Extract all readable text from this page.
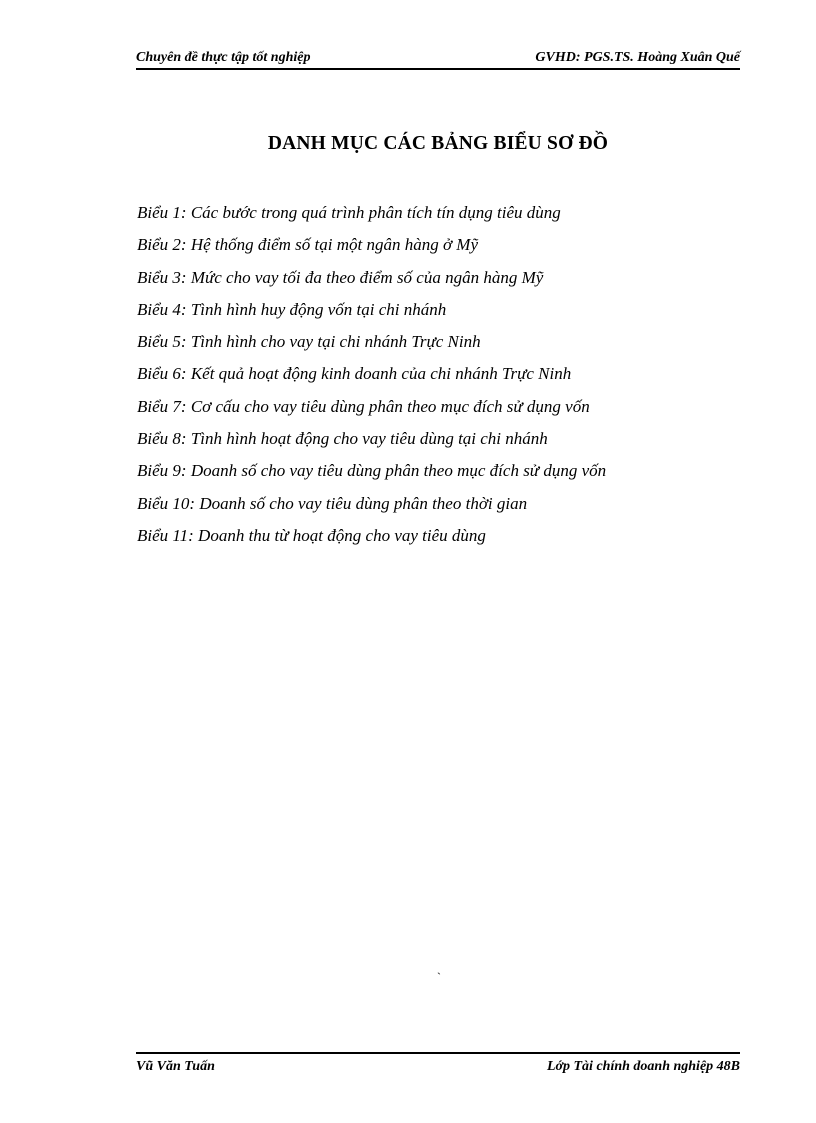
Chuyên đề thực tập tốt nghiệp	GVHD: PGS.TS. Hoàng Xuân Quế
DANH MỤC CÁC BẢNG BIỂU SƠ ĐỒ
Biểu 1: Các bước trong quá trình phân tích tín dụng tiêu dùng
Biểu 2: Hệ thống điểm số tại một ngân hàng ở Mỹ
Biểu 3: Mức cho vay tối đa theo điểm số của ngân hàng Mỹ
Biểu 4: Tình hình huy động vốn tại chi nhánh
Biểu 5: Tình hình cho vay tại chi nhánh Trực Ninh
Biểu 6: Kết quả hoạt động kinh doanh của chi nhánh Trực Ninh
Biểu 7: Cơ cấu cho vay tiêu dùng phân theo mục đích sử dụng vốn
Biểu 8: Tình hình hoạt động cho vay tiêu dùng tại chi nhánh
Biểu 9: Doanh số cho vay tiêu dùng phân theo mục đích sử dụng vốn
Biểu 10: Doanh số cho vay tiêu dùng phân theo thời gian
Biểu 11: Doanh thu từ hoạt động cho vay tiêu dùng
`
Vũ Văn Tuấn	Lớp Tài chính doanh nghiệp 48B
